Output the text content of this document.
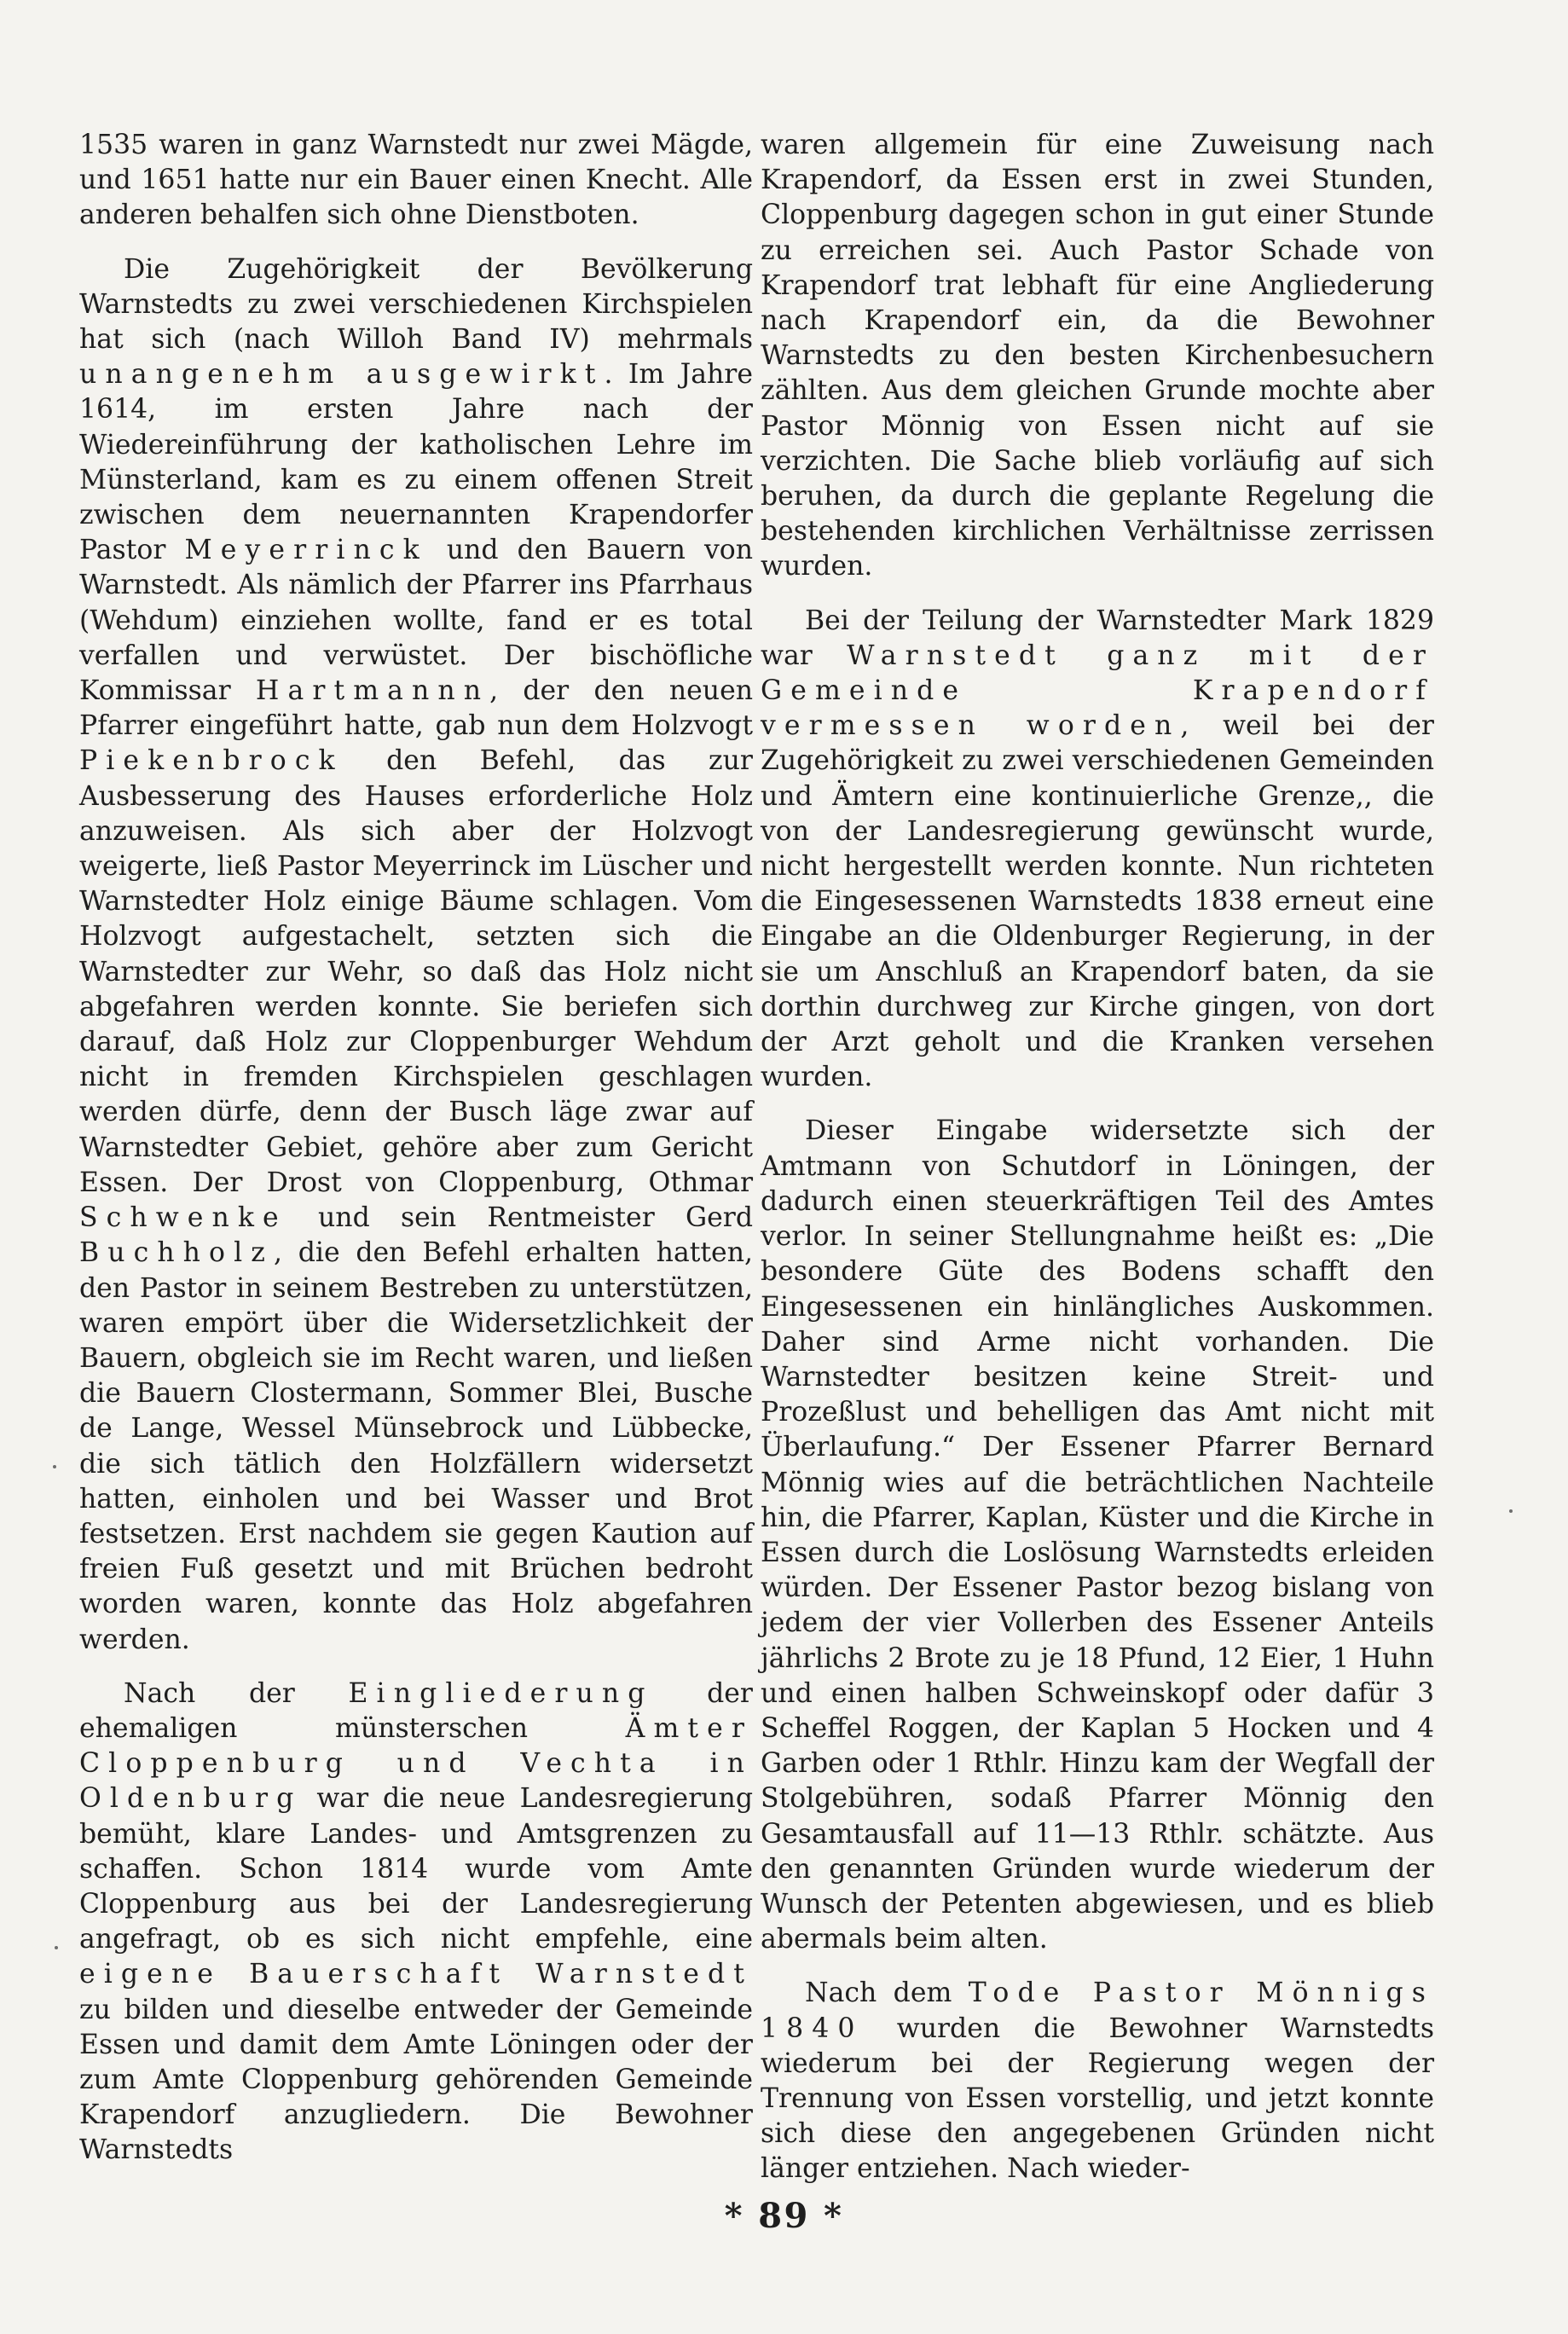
1535 waren in ganz Warnstedt nur zwei Mägde, und 1651 hatte nur ein Bauer einen Knecht. Alle anderen behalfen sich ohne Dienstboten.

Die Zugehörigkeit der Bevölkerung Warnstedts zu zwei verschiedenen Kirchspielen hat sich (nach Willoh Band IV) mehrmals unangenehm ausgewirkt. Im Jahre 1614, im ersten Jahre nach der Wiedereinführung der katholischen Lehre im Münsterland, kam es zu einem offenen Streit zwischen dem neuernannten Krapendorfer Pastor Meyerrinck und den Bauern von Warnstedt. Als nämlich der Pfarrer ins Pfarrhaus (Wehdum) einziehen wollte, fand er es total verfallen und verwüstet. Der bischöfliche Kommissar Hartmannn, der den neuen Pfarrer eingeführt hatte, gab nun dem Holzvogt Piekenbrock den Befehl, das zur Ausbesserung des Hauses erforderliche Holz anzuweisen. Als sich aber der Holzvogt weigerte, ließ Pastor Meyerrinck im Lüscher und Warnstedter Holz einige Bäume schlagen. Vom Holzvogt aufgestachelt, setzten sich die Warnstedter zur Wehr, so daß das Holz nicht abgefahren werden konnte. Sie beriefen sich darauf, daß Holz zur Cloppenburger Wehdum nicht in fremden Kirchspielen geschlagen werden dürfe, denn der Busch läge zwar auf Warnstedter Gebiet, gehöre aber zum Gericht Essen. Der Drost von Cloppenburg, Othmar Schwenke und sein Rentmeister Gerd Buchholz, die den Befehl erhalten hatten, den Pastor in seinem Bestreben zu unterstützen, waren empört über die Widersetzlichkeit der Bauern, obgleich sie im Recht waren, und ließen die Bauern Clostermann, Sommer Blei, Busche de Lange, Wessel Münsebrock und Lübbecke, die sich tätlich den Holzfällern widersetzt hatten, einholen und bei Wasser und Brot festsetzen. Erst nachdem sie gegen Kaution auf freien Fuß gesetzt und mit Brüchen bedroht worden waren, konnte das Holz abgefahren werden.

Nach der Eingliederung der ehemaligen münsterschen Ämter Cloppenburg und Vechta in Oldenburg war die neue Landesregierung bemüht, klare Landes- und Amtsgrenzen zu schaffen. Schon 1814 wurde vom Amte Cloppenburg aus bei der Landesregierung angefragt, ob es sich nicht empfehle, eine eigene Bauerschaft Warnstedt zu bilden und dieselbe entweder der Gemeinde Essen und damit dem Amte Löningen oder der zum Amte Cloppenburg gehörenden Gemeinde Krapendorf anzugliedern. Die Bewohner Warnstedts

waren allgemein für eine Zuweisung nach Krapendorf, da Essen erst in zwei Stunden, Cloppenburg dagegen schon in gut einer Stunde zu erreichen sei. Auch Pastor Schade von Krapendorf trat lebhaft für eine Angliederung nach Krapendorf ein, da die Bewohner Warnstedts zu den besten Kirchenbesuchern zählten. Aus dem gleichen Grunde mochte aber Pastor Mönnig von Essen nicht auf sie verzichten. Die Sache blieb vorläufig auf sich beruhen, da durch die geplante Regelung die bestehenden kirchlichen Verhältnisse zerrissen wurden.

Bei der Teilung der Warnstedter Mark 1829 war Warnstedt ganz mit der Gemeinde Krapendorf vermessen worden, weil bei der Zugehörigkeit zu zwei verschiedenen Gemeinden und Ämtern eine kontinuierliche Grenze,, die von der Landesregierung gewünscht wurde, nicht hergestellt werden konnte. Nun richteten die Eingesessenen Warnstedts 1838 erneut eine Eingabe an die Oldenburger Regierung, in der sie um Anschluß an Krapendorf baten, da sie dorthin durchweg zur Kirche gingen, von dort der Arzt geholt und die Kranken versehen wurden.

Dieser Eingabe widersetzte sich der Amtmann von Schutdorf in Löningen, der dadurch einen steuerkräftigen Teil des Amtes verlor. In seiner Stellungnahme heißt es: „Die besondere Güte des Bodens schafft den Eingesessenen ein hinlängliches Auskommen. Daher sind Arme nicht vorhanden. Die Warnstedter besitzen keine Streit- und Prozeßlust und behelligen das Amt nicht mit Überlaufung.“ Der Essener Pfarrer Bernard Mönnig wies auf die beträchtlichen Nachteile hin, die Pfarrer, Kaplan, Küster und die Kirche in Essen durch die Loslösung Warnstedts erleiden würden. Der Essener Pastor bezog bislang von jedem der vier Vollerben des Essener Anteils jährlichs 2 Brote zu je 18 Pfund, 12 Eier, 1 Huhn und einen halben Schweinskopf oder dafür 3 Scheffel Roggen, der Kaplan 5 Hocken und 4 Garben oder 1 Rthlr. Hinzu kam der Wegfall der Stolgebühren, sodaß Pfarrer Mönnig den Gesamtausfall auf 11—13 Rthlr. schätzte. Aus den genannten Gründen wurde wiederum der Wunsch der Petenten abgewiesen, und es blieb abermals beim alten.

Nach dem Tode Pastor Mönnigs 1840 wurden die Bewohner Warnstedts wiederum bei der Regierung wegen der Trennung von Essen vorstellig, und jetzt konnte sich diese den angegebenen Gründen nicht länger entziehen. Nach wieder-

* 89 *
